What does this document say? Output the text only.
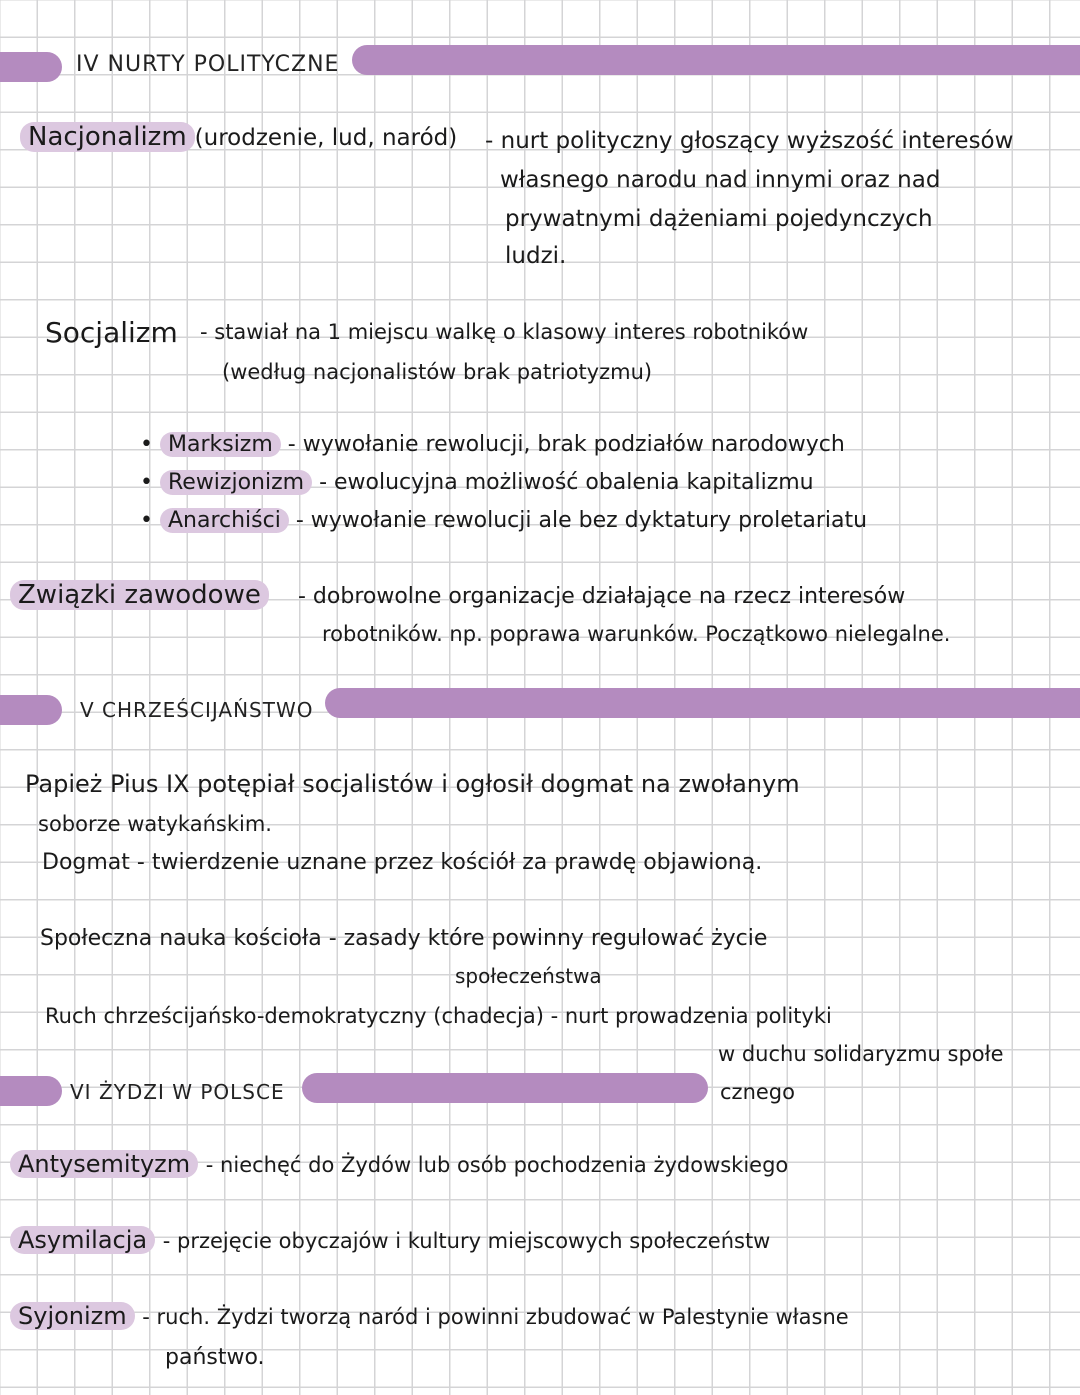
IV NURTY POLITYCZNE
Nacjonalizm (urodzenie, lud, naród) - nurt polityczny głoszący wyższość interesów
własnego narodu nad innymi oraz nad
prywatnymi dążeniami pojedynczych
ludzi.
Socjalizm - stawiał na 1 miejscu walkę o klasowy interes robotników
(według nacjonalistów brak patriotyzmu)
• Marksizm - wywołanie rewolucji, brak podziałów narodowych
• Rewizjonizm - ewolucyjna możliwość obalenia kapitalizmu
• Anarchiści - wywołanie rewolucji ale bez dyktatury proletariatu
Związki zawodowe	- dobrowolne organizacje działające na rzecz interesów
robotników. np. poprawa warunków. Początkowo nielegalne.
V CHRZEŚCIJAŃSTWO
Papież Pius IX potępiał socjalistów i ogłosił dogmat na zwołanym
soborze watykańskim.
Dogmat - twierdzenie uznane przez kościół za prawdę objawioną.
Społeczna nauka kościoła - zasady które powinny regulować życie
społeczeństwa
Ruch chrześcijańsko-demokratyczny (chadecja) - nurt prowadzenia polityki
w duchu solidaryzmu społe
VI ŻYDZI W POLSCE	cznego
Antysemityzm - niechęć do Żydów lub osób pochodzenia żydowskiego
Asymilacja - przejęcie obyczajów i kultury miejscowych społeczeństw
Syjonizm - ruch. Żydzi tworzą naród i powinni zbudować w Palestynie własne
państwo.
